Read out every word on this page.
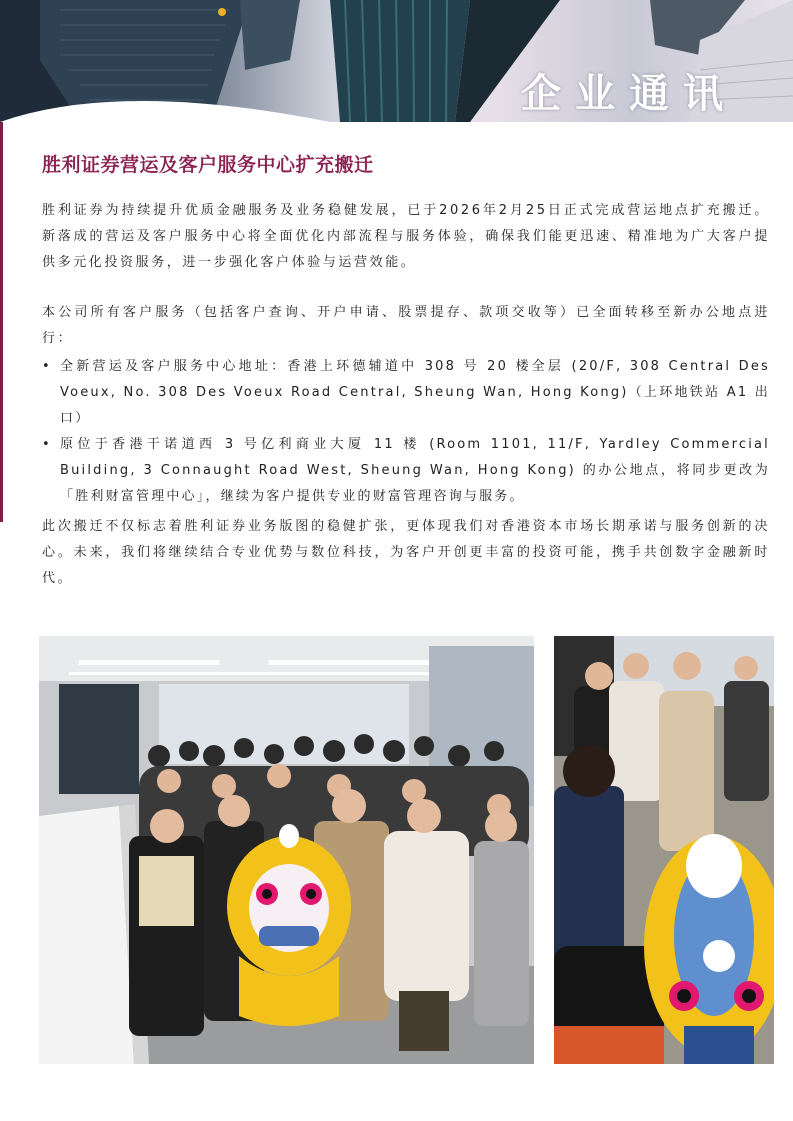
企业通讯
胜利证券营运及客户服务中心扩充搬迁
胜利证券为持续提升优质金融服务及业务稳健发展，已于2026年2月25日正式完成营运地点扩充搬迁。新落成的营运及客户服务中心将全面优化内部流程与服务体验，确保我们能更迅速、精准地为广大客户提供多元化投资服务，进一步强化客户体验与运营效能。
本公司所有客户服务（包括客户查询、开户申请、股票提存、款项交收等）已全面转移至新办公地点进行：
• 全新营运及客户服务中心地址：香港上环德辅道中 308 号 20 楼全层 (20/F, 308 Central Des Voeux, No. 308 Des Voeux Road Central, Sheung Wan, Hong Kong)（上环地铁站 A1 出口）
• 原位于香港干诺道西 3 号亿利商业大厦 11 楼 (Room 1101, 11/F, Yardley Commercial Building, 3 Connaught Road West, Sheung Wan, Hong Kong) 的办公地点，将同步更改为「胜利财富管理中心」，继续为客户提供专业的财富管理咨询与服务。
此次搬迁不仅标志着胜利证券业务版图的稳健扩张，更体现我们对香港资本市场长期承诺与服务创新的决心。未来，我们将继续结合专业优势与数位科技，为客户开创更丰富的投资可能，携手共创数字金融新时代。
